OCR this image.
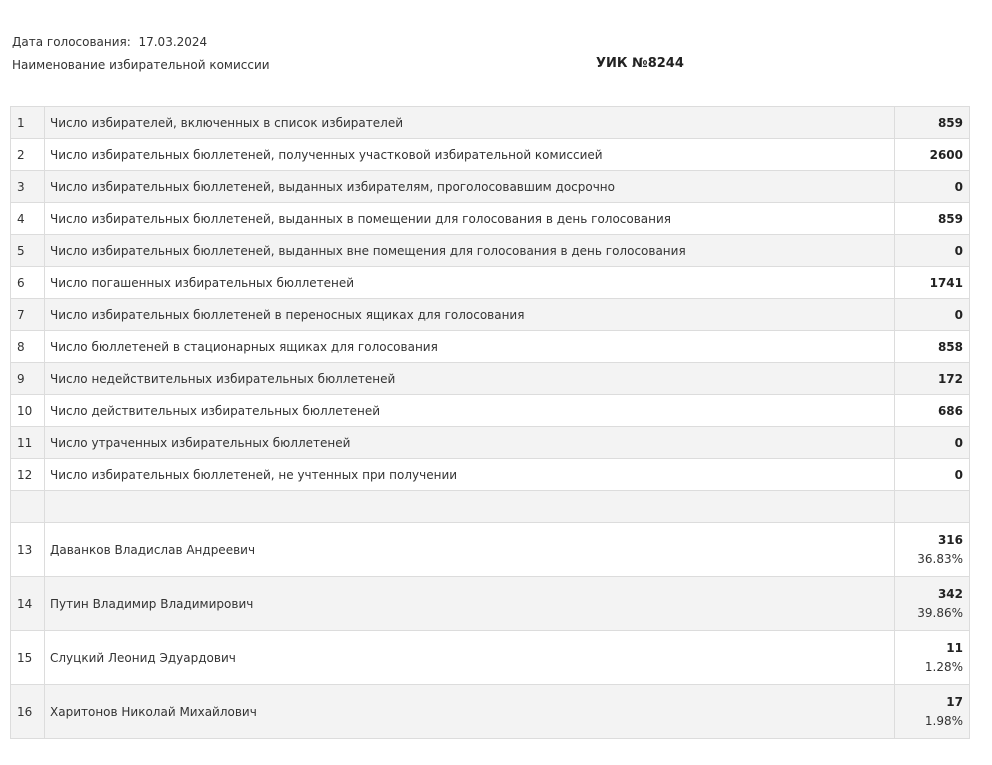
Дата голосования: 17.03.2024
Наименование избирательной комиссии	УИК №8244
1	Число избирателей, включенных в список избирателей	859
2	Число избирательных бюллетеней, полученных участковой избирательной комиссией	2600
3	Число избирательных бюллетеней, выданных избирателям, проголосовавшим досрочно	0
4	Число избирательных бюллетеней, выданных в помещении для голосования в день голосования	859
5	Число избирательных бюллетеней, выданных вне помещения для голосования в день голосования	0
6	Число погашенных избирательных бюллетеней	1741
7	Число избирательных бюллетеней в переносных ящиках для голосования	0
8	Число бюллетеней в стационарных ящиках для голосования	858
9	Число недействительных избирательных бюллетеней	172
10	Число действительных избирательных бюллетеней	686
11	Число утраченных избирательных бюллетеней	0
12	Число избирательных бюллетеней, не учтенных при получении	0

13	Даванков Владислав Андреевич	316
36.83%

14	Путин Владимир Владимирович	342
39.86%

15	Слуцкий Леонид Эдуардович	11
1.28%

16	Харитонов Николай Михайлович	17
1.98%
